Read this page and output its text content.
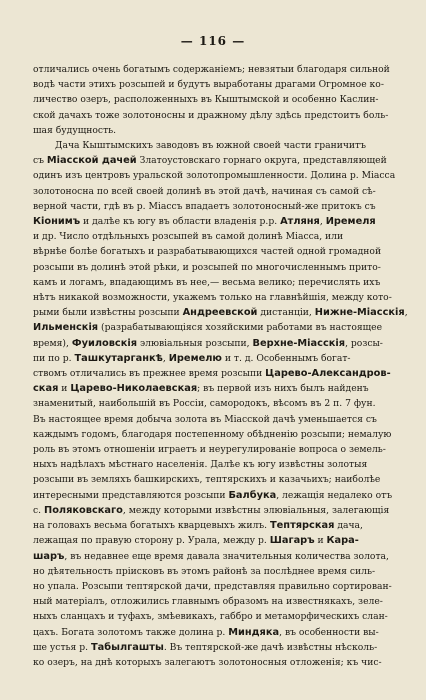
— 116 —
отличались очень богатымъ содержаніемъ; невзятыи благодаря сильной
водѣ части этихъ розсыпей и будутъ выработаны драгами Огромное ко-
личество озеръ, расположенныхъ въ Кыштымской и особенно Каслин-
ской дачахъ тоже золотоносны и дражному дѣлу здѣсь предстоитъ боль-
шая будущность.
Дача Кыштымскихъ заводовъ въ южной своей части граничитъ
съ Міасской дачей Златоустовскаго горнаго округа, представляющей
одинъ изъ центровъ уральской золотопромышленности. Долина р. Міасса
золотоносна по всей своей долинѣ въ этой дачѣ, начиная съ самой сѣ-
верной части, гдѣ въ р. Міассъ впадаетъ золотоносный-же притокъ съ
Кіонимъ и далѣе къ югу въ области владенія р.р. Атляня, Иремеля
и др. Число отдѣльныхъ розсыпей въ самой долинѣ Міасса, или
вѣрнѣе болѣе богатыхъ и разрабатывающихся частей одной громадной
розсыпи въ долинѣ этой рѣки, и розсыпей по многочисленнымъ прито-
камъ и логамъ, впадающимъ въ нее,— весьма велико; перечислять ихъ
нѣтъ никакой возможности, укажемъ только на главнѣйшія, между кото-
рыми были извѣстны розсыпи Андреевской дистанціи, Нижне-Міасскія,
Ильменскія (разрабатывающіяся хозяйскими работами въ настоящее
время), Фуиловскія элювіальныя розсыпи, Верхне-Міасскія, розсы-
пи по р. Ташкутарганкѣ, Иремелю и т. д. Особеннымъ богат-
ствомъ отличались въ прежнее время розсыпи Царево-Александров-
ская и Царево-Николаевская; въ первой изъ нихъ былъ найденъ
знаменитый, наибольшій въ Россіи, самородокъ, вѣсомъ въ 2 п. 7 фун.
Въ настоящее время добыча золота въ Міасской дачѣ уменьшается съ
каждымъ годомъ, благодаря постепенному обѣдненію розсыпи; немалую
роль въ этомъ отношеніи играетъ и неурегулированіе вопроса о земель-
ныхъ надѣлахъ мѣстнаго населенія. Далѣе къ югу извѣстны золотыя
розсыпи въ земляхъ башкирскихъ, тептярскихъ и казачьихъ; наиболѣе
интересными представляются розсыпи Балбука, лежащія недалеко отъ
с. Поляковскаго, между которыми извѣстны элювіальныя, залегающія
на головахъ весьма богатыхъ кварцевыхъ жилъ. Тептярская дача,
лежащая по правую сторону р. Урала, между р. Шагаръ и Кара-
шаръ, въ недавнее еще время давала значительныя количества золота,
но дѣятельность пріисковъ въ этомъ районѣ за послѣднее время силь-
но упала. Розсыпи тептярской дачи, представляя правильно сортирован-
ный матеріалъ, отложились главнымъ образомъ на известнякахъ, зеле-
ныхъ сланцахъ и туфахъ, змѣевикахъ, габбро и метаморфическихъ слан-
цахъ. Богата золотомъ также долина р. Миндяка, въ особенности вы-
ше устья р. Табылгашты. Въ тептярской-же дачѣ извѣстны нѣсколь-
ко озеръ, на днѣ которыхъ залегаютъ золотоносныя отложенія; къ чис-
